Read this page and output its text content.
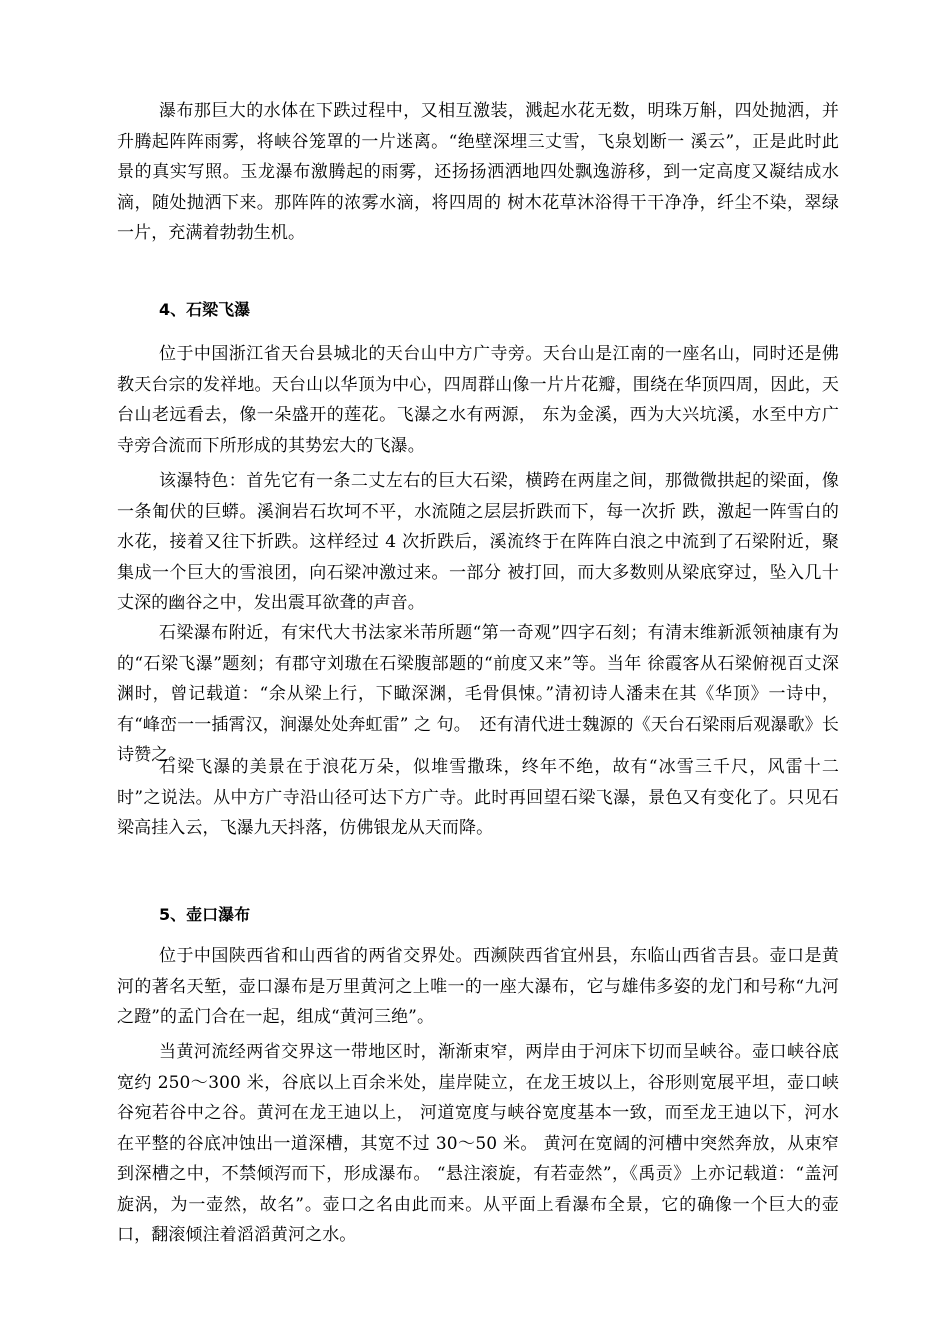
瀑布那巨大的水体在下跌过程中，又相互激装，溅起水花无数，明珠万斛，四处抛洒，并升腾起阵阵雨雾，将峡谷笼罩的一片迷离。“绝壁深埋三丈雪，飞泉划断一 溪云”，正是此时此景的真实写照。玉龙瀑布激腾起的雨雾，还扬扬洒洒地四处飘逸游移，到一定高度又凝结成水滴，随处抛洒下来。那阵阵的浓雾水滴，将四周的 树木花草沐浴得干干净净，纤尘不染，翠绿一片，充满着勃勃生机。

4、石梁飞瀑

位于中国浙江省天台县城北的天台山中方广寺旁。天台山是江南的一座名山，同时还是佛教天台宗的发祥地。天台山以华顶为中心，四周群山像一片片花瓣，围绕在华顶四周，因此，天台山老远看去，像一朵盛开的莲花。飞瀑之水有两源， 东为金溪，西为大兴坑溪，水至中方广寺旁合流而下所形成的其势宏大的飞瀑。

该瀑特色：首先它有一条二丈左右的巨大石梁，横跨在两崖之间，那微微拱起的梁面，像一条匍伏的巨蟒。溪涧岩石坎坷不平，水流随之层层折跌而下，每一次折 跌，激起一阵雪白的水花，接着又往下折跌。这样经过 4 次折跌后，溪流终于在阵阵白浪之中流到了石梁附近，聚集成一个巨大的雪浪团，向石梁冲激过来。一部分 被打回，而大多数则从梁底穿过，坠入几十丈深的幽谷之中，发出震耳欲聋的声音。

石梁瀑布附近，有宋代大书法家米芾所题“第一奇观”四字石刻；有清末维新派领袖康有为的“石梁飞瀑”题刻；有郡守刘璈在石梁腹部题的“前度又来”等。当年 徐霞客从石梁俯视百丈深渊时，曾记载道：“余从梁上行，下瞰深渊，毛骨俱悚。”清初诗人潘耒在其《华顶》一诗中，有“峰峦一一插霄汉，涧瀑处处奔虹雷” 之 句。　还有清代进士魏源的《天台石梁雨后观瀑歌》长诗赞之。

石梁飞瀑的美景在于浪花万朵，似堆雪撒珠，终年不绝，故有“冰雪三千尺，风雷十二时”之说法。从中方广寺沿山径可达下方广寺。此时再回望石梁飞瀑，景色又有变化了。只见石梁高挂入云，飞瀑九天抖落，仿佛银龙从天而降。

5、壶口瀑布

位于中国陕西省和山西省的两省交界处。西濒陕西省宜州县，东临山西省吉县。壶口是黄河的著名天堑，壶口瀑布是万里黄河之上唯一的一座大瀑布，它与雄伟多姿的龙门和号称“九河之蹬”的孟门合在一起，组成“黄河三绝”。

当黄河流经两省交界这一带地区时，渐渐束窄，两岸由于河床下切而呈峡谷。壶口峡谷底宽约 250～300 米，谷底以上百余米处，崖岸陡立，在龙王坡以上，谷形则宽展平坦，壶口峡谷宛若谷中之谷。黄河在龙王迪以上， 河道宽度与峡谷宽度基本一致，而至龙王迪以下，河水在平整的谷底冲蚀出一道深槽，其宽不过 30～50 米。 黄河在宽阔的河槽中突然奔放，从束窄到深槽之中，不禁倾泻而下，形成瀑布。 “悬注滚旋，有若壶然”，《禹贡》上亦记载道：“盖河旋涡，为一壶然，故名”。壶口之名由此而来。从平面上看瀑布全景，它的确像一个巨大的壶口，翻滚倾注着滔滔黄河之水。
